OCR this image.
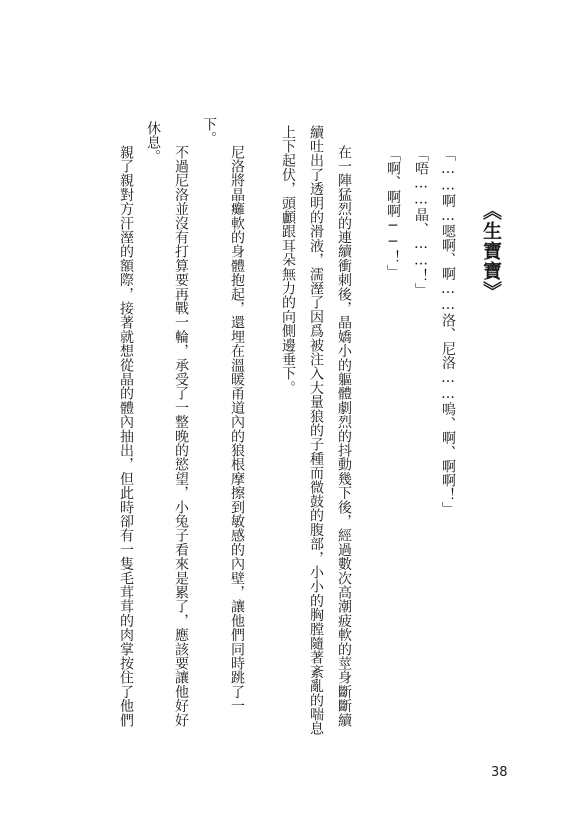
《生寶寶》
「……啊…嗯啊、啊……洛、尼洛……嗚、啊、啊啊！」
「唔……晶、……！」
「啊、啊啊──！」
在一陣猛烈的連續衝刺後，晶嬌小的軀體劇烈的抖動幾下後，經過數次高潮疲軟的莖身斷斷續
續吐出了透明的滑液，濡溼了因爲被注入大量狼的子種而微鼓的腹部，小小的胸膛隨著紊亂的喘息
上下起伏，頭顱跟耳朵無力的向側邊垂下。
尼洛將晶癱軟的身體抱起，還埋在溫暖甬道內的狼根摩擦到敏感的內壁，讓他們同時跳了一
下。
不過尼洛並沒有打算要再戰一輪，承受了一整晚的慾望，小兔子看來是累了，應該要讓他好好
休息。
親了親對方汗溼的額際，接著就想從晶的體內抽出，但此時卻有一隻毛茸茸的肉掌按住了他們
38
